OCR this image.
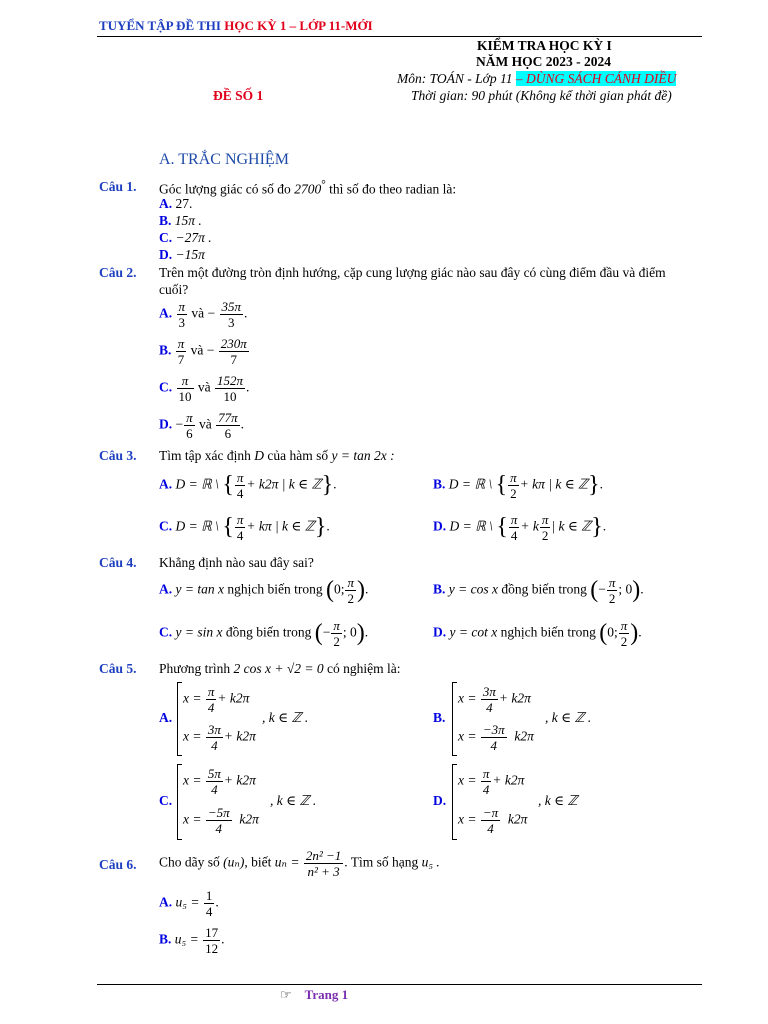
TUYỂN TẬP ĐỀ THI HỌC KỲ 1 – LỚP 11-MỚI
KIỂM TRA HỌC KỲ I
NĂM HỌC 2023 - 2024
Môn: TOÁN - Lớp 11 – DÙNG SÁCH CÁNH DIỀU
ĐỀ SỐ 1	Thời gian: 90 phút (Không kể thời gian phát đề)
A. TRẮC NGHIỆM
Câu 1. Góc lượng giác có số đo 2700° thì số đo theo radian là:
A. 27.
B. 15π .
C. −27π .
D. −15π
Câu 2. Trên một đường tròn định hướng, cặp cung lượng giác nào sau đây có cùng điểm đầu và điểm
cuối?
A. $\frac{\pi}{3}$ và − $\frac{35\pi}{3}$ .
B. $\frac{\pi}{7}$ và − $\frac{230\pi}{7}$
C. $\frac{\pi}{10}$ và $\frac{152\pi}{10}$ .
D. − $\frac{\pi}{6}$ và $\frac{77\pi}{6}$ .
Câu 3. Tìm tập xác định D của hàm số y = tan 2x :
A. D = ℝ \ { $\frac{\pi}{4} + k2\pi$ | k ∈ ℤ}.	B. D = ℝ \ { $\frac{\pi}{2} + k\pi$ | k ∈ ℤ}.
C. D = ℝ \ { $\frac{\pi}{4} + k\pi$ | k ∈ ℤ}.	D. D = ℝ \ { $\frac{\pi}{4} + k \frac{\pi}{2}$ | k ∈ ℤ}.
Câu 4. Khẳng định nào sau đây sai?
A. y = tan x nghịch biến trong (0; $\frac{\pi}{2}$ ).	B. y = cos x đồng biến trong (− $\frac{\pi}{2}$ ; 0).
C. y = sin x đồng biến trong (− $\frac{\pi}{2}$ ; 0).	D. y = cot x nghịch biến trong (0; $\frac{\pi}{2}$ ).
Câu 5. Phương trình 2 cos x + √2 = 0 có nghiệm là:
A.
$x = \frac{\pi}{4} + k2\pi$
$x = \frac{3\pi}{4} + k2\pi$
, k ∈ ℤ .	B.
$x = \frac{3\pi}{4} + k2\pi$
$x = \frac{-3\pi}{4} k2\pi$
, k ∈ ℤ .
C.
$x = \frac{5\pi}{4} + k2\pi$
$x = \frac{-5\pi}{4} k2\pi$
, k ∈ ℤ .	D.
$x = \frac{\pi}{4} + k2\pi$
$x = \frac{-\pi}{4} k2\pi$
, k ∈ ℤ
Câu 6. Cho dãy số (uₙ), biết $u_n = \frac{\text{2n² −1}}{\text{n² + 3}}$ . Tìm số hạng u₅ .
A. $u_5 = \frac{1}{4}$ .
B. $u_5 = \frac{17}{12}$ .
☞ Trang 1
